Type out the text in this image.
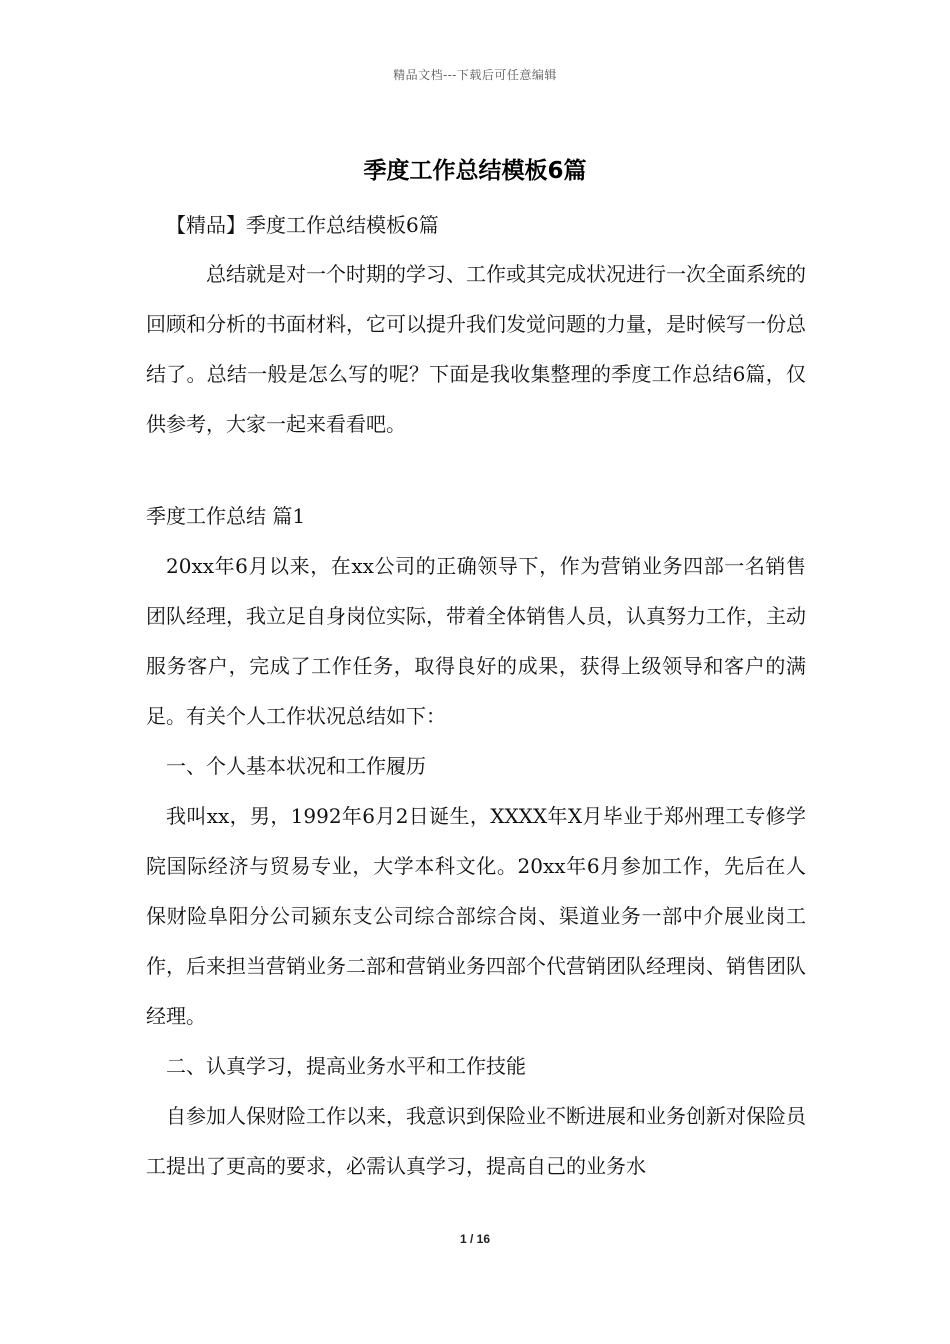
精品文档---下载后可任意编辑
季度工作总结模板6篇

【精品】季度工作总结模板6篇

总结就是对一个时期的学习、工作或其完成状况进行一次全面系统的回顾和分析的书面材料，它可以提升我们发觉问题的力量，是时候写一份总结了。总结一般是怎么写的呢？下面是我收集整理的季度工作总结6篇，仅供参考，大家一起来看看吧。

季度工作总结 篇1

20xx年6月以来，在xx公司的正确领导下，作为营销业务四部一名销售团队经理，我立足自身岗位实际，带着全体销售人员，认真努力工作，主动服务客户，完成了工作任务，取得良好的成果，获得上级领导和客户的满足。有关个人工作状况总结如下：

一、个人基本状况和工作履历

我叫xx，男，1992年6月2日诞生，XXXX年X月毕业于郑州理工专修学院国际经济与贸易专业，大学本科文化。20xx年6月参加工作，先后在人保财险阜阳分公司颍东支公司综合部综合岗、渠道业务一部中介展业岗工作，后来担当营销业务二部和营销业务四部个代营销团队经理岗、销售团队经理。

二、认真学习，提高业务水平和工作技能

自参加人保财险工作以来，我意识到保险业不断进展和业务创新对保险员工提出了更高的要求，必需认真学习，提高自己的业务水

1 / 16
